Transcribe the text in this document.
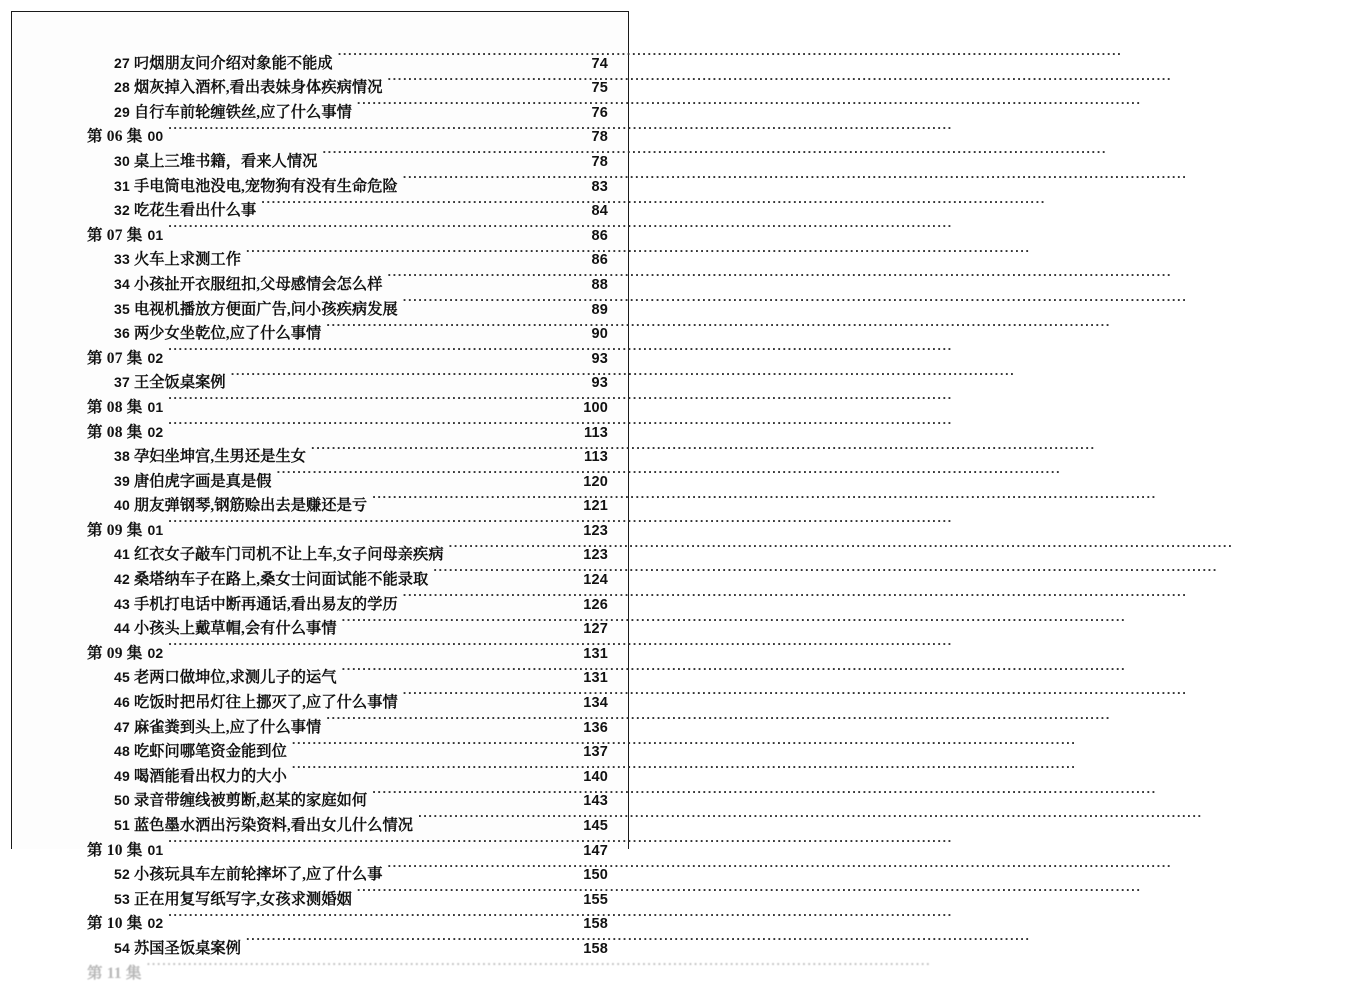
27 叼烟朋友问介绍对象能不能成 .....	74
28 烟灰掉入酒杯,看出表妹身体疾病情况 .....	75
29 自行车前轮缠铁丝,应了什么事情 .....	76
第 06 集 00 .....	78
30 桌上三堆书籍，看来人情况 .....	78
31 手电筒电池没电,宠物狗有没有生命危险 .....	83
32 吃花生看出什么事 .....	84
第 07 集 01 .....	86
33 火车上求测工作 .....	86
34 小孩扯开衣服纽扣,父母感情会怎么样 .....	88
35 电视机播放方便面广告,问小孩疾病发展 .....	89
36 两少女坐乾位,应了什么事情 .....	90
第 07 集 02 .....	93
37 王全饭桌案例 .....	93
第 08 集 01 .....	100
第 08 集 02 .....	113
38 孕妇坐坤宫,生男还是生女 .....	113
39 唐伯虎字画是真是假 .....	120
40 朋友弹钢琴,钢筋赊出去是赚还是亏 .....	121
第 09 集 01 .....	123
41 红衣女子敲车门司机不让上车,女子问母亲疾病 .....	123
42 桑塔纳车子在路上,桑女士问面试能不能录取 .....	124
43 手机打电话中断再通话,看出易友的学历 .....	126
44 小孩头上戴草帽,会有什么事情 .....	127
第 09 集 02 .....	131
45 老两口做坤位,求测儿子的运气 .....	131
46 吃饭时把吊灯往上挪灭了,应了什么事情 .....	134
47 麻雀粪到头上,应了什么事情 .....	136
48 吃虾问哪笔资金能到位 .....	137
49 喝酒能看出权力的大小 .....	140
50 录音带缠线被剪断,赵某的家庭如何 .....	143
51 蓝色墨水洒出污染资料,看出女儿什么情况 .....	145
第 10 集 01 .....	147
52 小孩玩具车左前轮摔坏了,应了什么事 .....	150
53 正在用复写纸写字,女孩求测婚姻 .....	155
第 10 集 02 .....	158
54 苏国圣饭桌案例 .....	158
第 11 集
.....
